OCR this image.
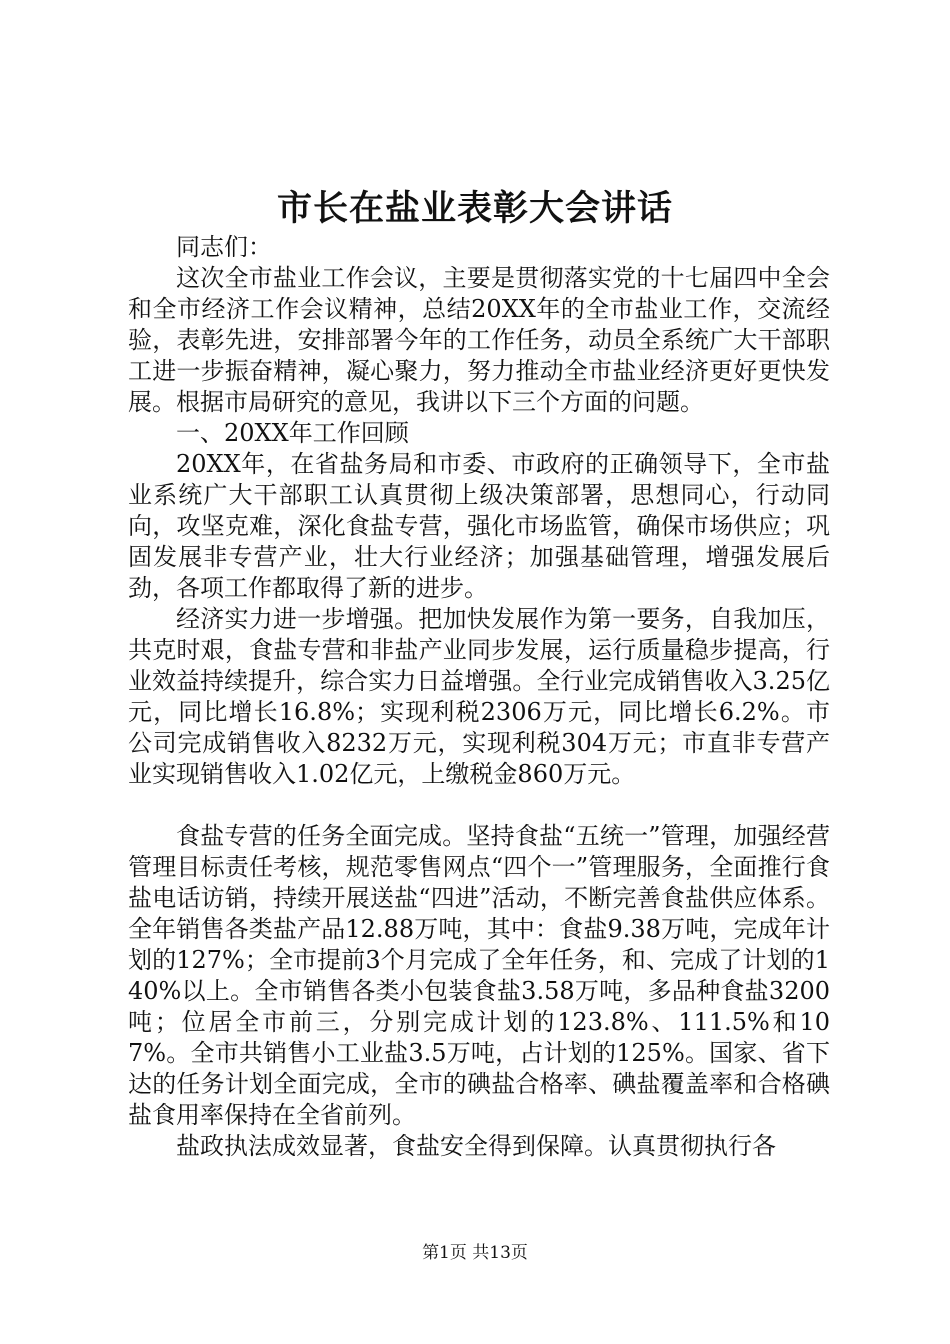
市长在盐业表彰大会讲话

同志们：

这次全市盐业工作会议，主要是贯彻落实党的十七届四中全会和全市经济工作会议精神，总结20XX年的全市盐业工作，交流经验，表彰先进，安排部署今年的工作任务，动员全系统广大干部职工进一步振奋精神，凝心聚力，努力推动全市盐业经济更好更快发展。根据市局研究的意见，我讲以下三个方面的问题。

一、20XX年工作回顾

20XX年，在省盐务局和市委、市政府的正确领导下，全市盐业系统广大干部职工认真贯彻上级决策部署，思想同心，行动同向，攻坚克难，深化食盐专营，强化市场监管，确保市场供应；巩固发展非专营产业，壮大行业经济；加强基础管理，增强发展后劲，各项工作都取得了新的进步。

经济实力进一步增强。把加快发展作为第一要务，自我加压，共克时艰，食盐专营和非盐产业同步发展，运行质量稳步提高，行业效益持续提升，综合实力日益增强。全行业完成销售收入3.25亿元，同比增长16.8%；实现利税2306万元，同比增长6.2%。市公司完成销售收入8232万元，实现利税304万元；市直非专营产业实现销售收入1.02亿元，上缴税金860万元。

食盐专营的任务全面完成。坚持食盐“五统一”管理，加强经营管理目标责任考核，规范零售网点“四个一”管理服务，全面推行食盐电话访销，持续开展送盐“四进”活动，不断完善食盐供应体系。全年销售各类盐产品12.88万吨，其中：食盐9.38万吨，完成年计划的127%；全市提前3个月完成了全年任务，和、完成了计划的140%以上。全市销售各类小包装食盐3.58万吨，多品种食盐3200吨；位居全市前三，分别完成计划的123.8%、111.5%和107%。全市共销售小工业盐3.5万吨，占计划的125%。国家、省下达的任务计划全面完成，全市的碘盐合格率、碘盐覆盖率和合格碘盐食用率保持在全省前列。

盐政执法成效显著，食盐安全得到保障。认真贯彻执行各

第1页 共13页
